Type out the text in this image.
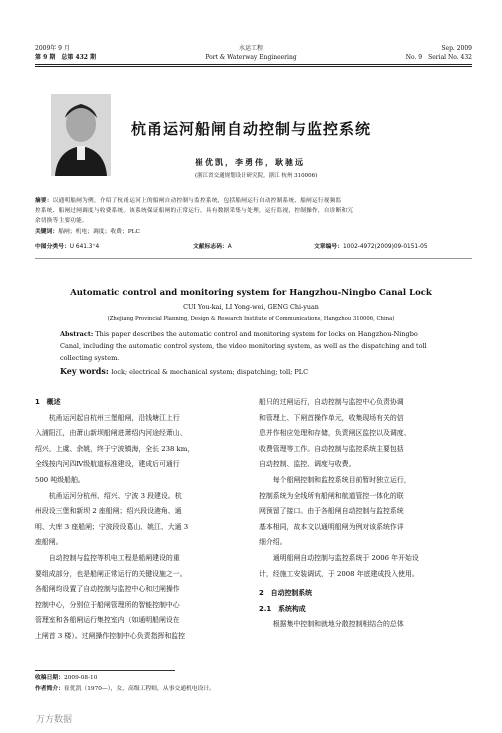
2009年 9 月
第 9 期　总第 432 期
水运工程
Port & Waterway Engineering
Sep. 2009
No. 9　Serial No. 432
杭甬运河船闸自动控制与监控系统
崔优凯，李勇伟，耿驰远
(浙江省交通规划设计研究院，浙江 杭州 310006)
摘要：以通明船闸为例，介绍了杭甬运河上的船闸自动控制与监控系统，包括船闸运行自动控制系统、船闸运行视频监
控系统、船闸过闸调度与收费系统。该系统保证船闸的正常运行，具有数据采集与处理，运行监视，控制操作，自诊断和冗
余切换等主要功能。
关键词：船闸；机电；调度；收费；PLC
中图分类号：U 641.3⁺4	文献标志码：A	文章编号：1002-4972(2009)09-0151-05
Automatic control and monitoring system for Hangzhou-Ningbo Canal Lock
CUI You-kai, LI Yong-wei, GENG Chi-yuan
(Zhejiang Provincial Planning, Design & Research Institute of Communications, Hangzhou 310006, China)
Abstract: This paper describes the automatic control and monitoring system for locks on Hangzhou-Ningbo
Canal, including the automatic control system, the video monitoring system, as well as the dispatching and toll
collecting system.
Key words: lock; electrical & mechanical system; dispatching; toll; PLC

1　概述

杭甬运河起自杭州三堡船闸，沿钱塘江上行
入浦阳江，由萧山新坝船闸进萧绍内河途经萧山、
绍兴、上虞、余姚，终于宁波镇海，全长 238 km，
全线按内河四Ⅳ级航道标准建设，建成后可通行
500 吨级船舶。

杭甬运河分杭州、绍兴、宁波 3 段建设。杭
州段设三堡和新坝 2 座船闸；绍兴段设港角、通
明、大库 3 座船闸；宁波段设葛山、姚江、大通 3
座船闸。

自动控制与监控等机电工程是船闸建设的重
要组成部分，也是船闸正常运行的关键设施之一。
各船闸均设置了自动控制与监控中心和过闸操作
控制中心，分别位于船闸管理所的智能控制中心
管理室和各船闸运行集控室内（如通明船闸设在
上闸首 3 楼）。过闸操作控制中心负责指挥和监控

船只的过闸运行，自动控制与监控中心负责协调
和管理上、下闸首操作单元，收集现场有关的信
息并作相应处理和存储，负责闸区监控以及调度、
收费管理等工作。自动控制与监控系统主要包括
自动控制、监控、调度与收费。

每个船闸控制和监控系统目前暂时独立运行，
控制系统为全线所有船闸和航道管控一体化的联
网预留了接口。由于各船闸自动控制与监控系统
基本相同，故本文以通明船闸为例对该系统作详
细介绍。

通明船闸自动控制与监控系统于 2006 年开始设
计，经施工安装调试，于 2008 年底建成投入使用。

2　自动控制系统

2.1　系统构成

根据集中控制和就地分散控制相结合的总体

收稿日期：2009-08-10
作者简介：崔优凯（1970—），女，高级工程师，从事交通机电设计。
万方数据
